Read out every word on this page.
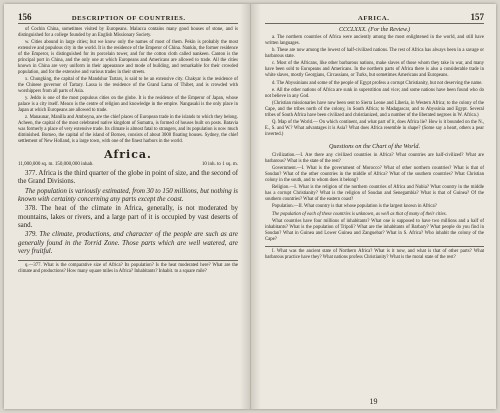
156	DESCRIPTION OF COUNTRIES.

of Cochin China, sometimes visited by Europeans. Malacca contains many good houses of stone, and is distinguished for a college founded by an English Missionary Society.

w. Cities abound in large cities; but we know only the names of most of them. Pekin is probably the most extensive and populous city in the world. It is the residence of the Emperor of China. Nankin, the former residence of the Emperor, is distinguished for its porcelain tower, and for the cotton cloth called nankeen. Canton is the principal port in China, and the only one at which Europeans and Americans are allowed to trade. All the cities known in China are very uniform in their appearance and mode of building, and remarkable for their crowded population, and for the extensive and various trades in their streets.

x. Chungking, the capital of the Mandshur Tartars, is said to be an extensive city. Chakyar is the residence of the Chinese governor of Tartary. Lassa is the residence of the Grand Lama of Thibet, and is crowded with worshippers from all parts of Asia.

y. Jeddo is one of the most populous cities on the globe. It is the residence of the Emperor of Japan, whose palace is a city itself. Meaco is the centre of religion and knowledge in the empire. Nangasaki is the only place in Japan at which Europeans are allowed to trade.

z. Manaunar, Manilla and Amboyna, are the chief places of European trade in the islands to which they belong. Acheen, the capital of the most celebrated native kingdom of Sumatra, is formed of houses built on posts. Batavia was formerly a place of very extensive trade. Its climate is almost fatal to strangers, and its population is now much diminished. Borneo, the capital of the island of Borneo, consists of about 3000 floating houses. Sydney, the chief settlement of New Holland, is a large town, with one of the finest harbors in the world.

Africa.
11,000,000 sq. m. 150,000,000 inhab.	10 inh. to 1 sq. m.

377. Africa is the third quarter of the globe in point of size, and the second of the Grand Divisions.

The population is variously estimated, from 30 to 150 millions, but nothing is known with certainty concerning any parts except the coast.

378. The heat of the climate in Africa, generally, is not moderated by mountains, lakes or rivers, and a large part of it is occupied by vast deserts of sand.

379. The climate, productions, and character of the people are such as are generally found in the Torrid Zone. Those parts which are well watered, are very fruitful.

q.—377. What is the comparative size of Africa? Its population? Is the heat moderated here? What are the climate and productions? How many square miles in Africa? Inhabitants? Inhabit. to a square mile?

AFRICA.	157

CCCLXXX. (For the Review.)

a. The northern countries of Africa were anciently among the most enlightened in the world, and still have written languages.

b. These are now among the lowest of half-civilized nations. The rest of Africa has always been in a savage or barbarous state.

c. Most of the Africans, like other barbarous nations, make slaves of those whom they take in war, and many have been sold to Europeans and Americans. In the northern parts of Africa there is also a considerable trade in white slaves, mostly Georgians, Circassians, or Turks, but sometimes Americans and Europeans.

d. The Abyssinians and some of the people of Egypt profess a corrupt Christianity, but not deserving the name.

e. All the other nations of Africa are sunk in superstition and vice; and some nations have been found who do not believe in any God.

(Christian missionaries have now been sent to Sierra Leone and Liberia, in Western Africa; to the colony of the Cape, and the tribes north of the colony, in South Africa; to Madagascar, and to Abyssinia and Egypt. Several tribes of South Africa have been civilized and christianized, and a number of the liberated negroes in W. Africa.)

Q. Map of the World.— On which continent, and what part of it, does Africa lie? How is it bounded on the N., E., S. and W.? What advantages it is Asia? What does Africa resemble in shape? (Some say a heart, others a pear inverted.)

Questions on the Chart of the World.

Civilization.—I. Are there any civilized countries in Africa? What countries are half-civilized? What are barbarous? What is the state of the rest?

Government.—I. What is the government of Morocco? What of other northern countries? What is that of Soudan? What of the other countries in the middle of Africa? What of the southern countries? What Christian colony in the south, and to whom does it belong?

Religion.—I. What is the religion of the northern countries of Africa and Nubia? What country in the middle has a corrupt Christianity? What is the religion of Soudan and Senegambia? What is that of Guinea? Of the southern countries? What of the eastern coast?

Population.—II. What country is that whose population is the largest known in Africa?

The population of each of these countries is unknown, as well as that of many of their cities.

What countries have four millions of inhabitants? What one is supposed to have two millions and a half of inhabitants? What is the population of Tripoli? What are the inhabitants of Barbary? What people do you find in Soudan? What in Guinea and Lower Guinea and Zanguebar? What in S. Africa? Who inhabit the colony of the Cape?

I. What was the ancient state of Northern Africa? What is it now, and what is that of other parts? What barbarous practice have they? What nations profess Christianity? What is the moral state of the rest?

19
